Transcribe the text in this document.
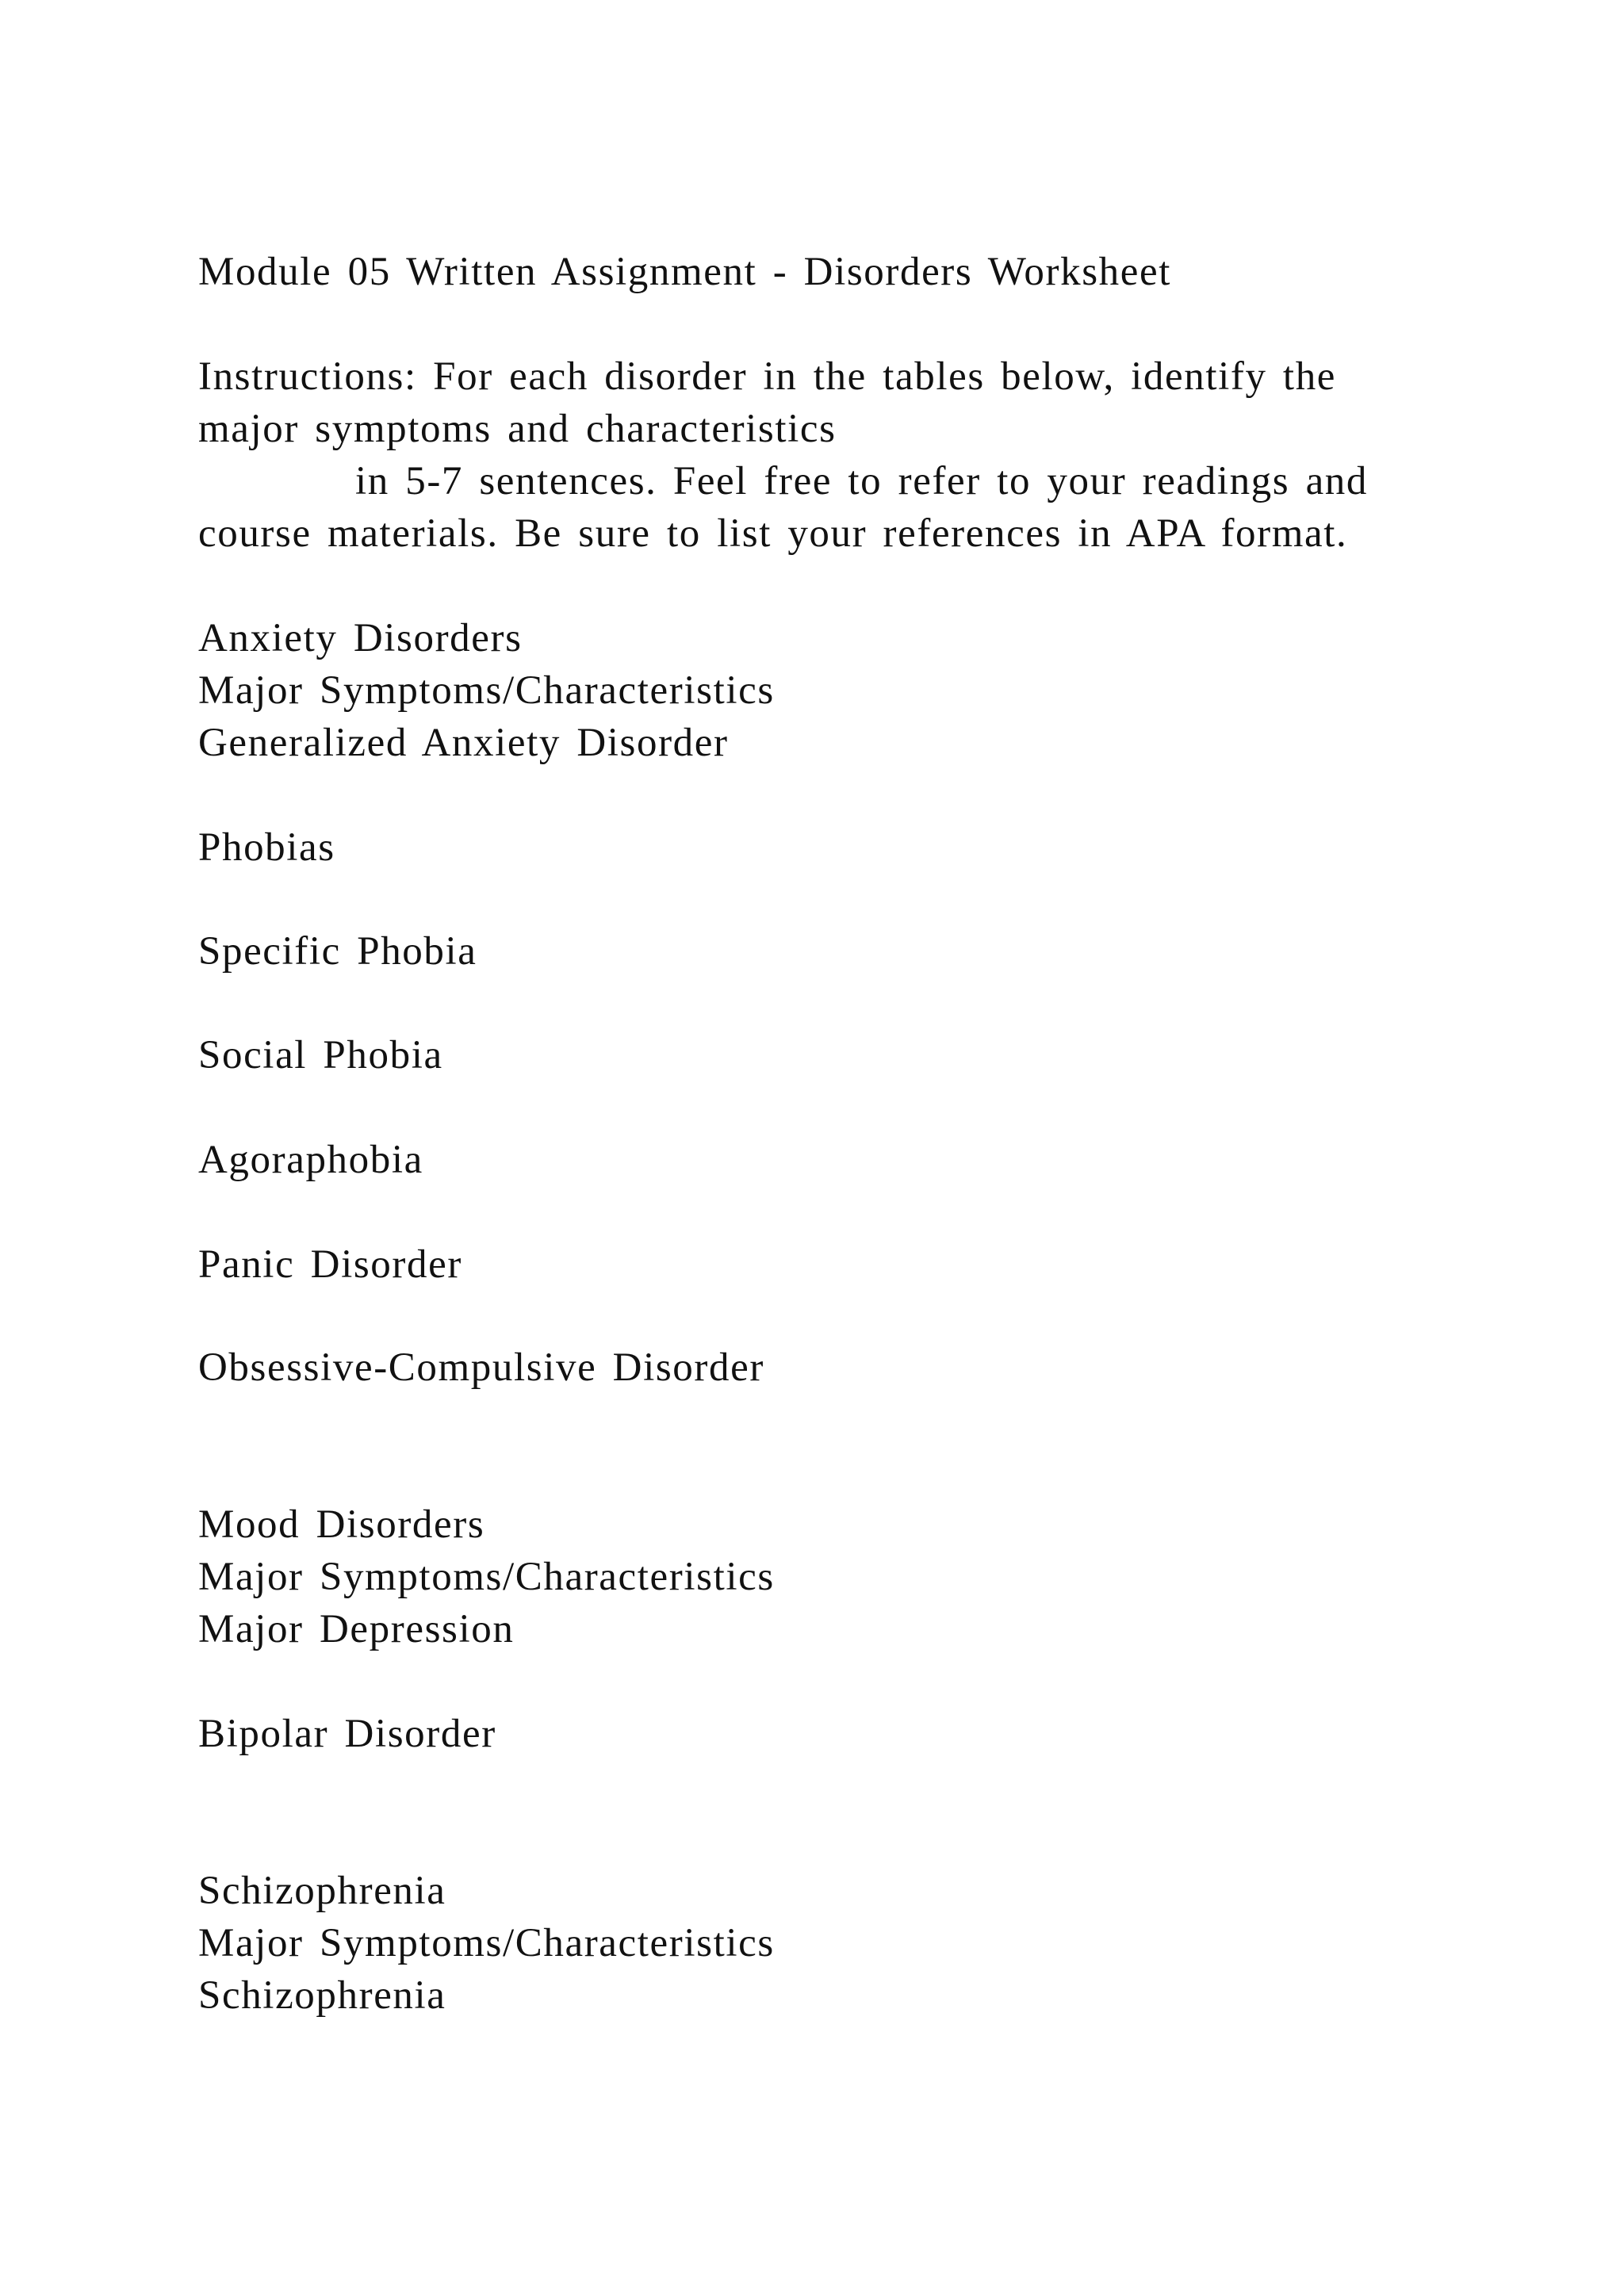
Module 05 Written Assignment - Disorders Worksheet
Instructions: For each disorder in the tables below, identify the
major symptoms and characteristics
in 5-7 sentences. Feel free to refer to your readings and
course materials. Be sure to list your references in APA format.
Anxiety Disorders
Major Symptoms/Characteristics
Generalized Anxiety Disorder
Phobias
Specific Phobia
Social Phobia
Agoraphobia
Panic Disorder
Obsessive-Compulsive Disorder
Mood Disorders
Major Symptoms/Characteristics
Major Depression
Bipolar Disorder
Schizophrenia
Major Symptoms/Characteristics
Schizophrenia
